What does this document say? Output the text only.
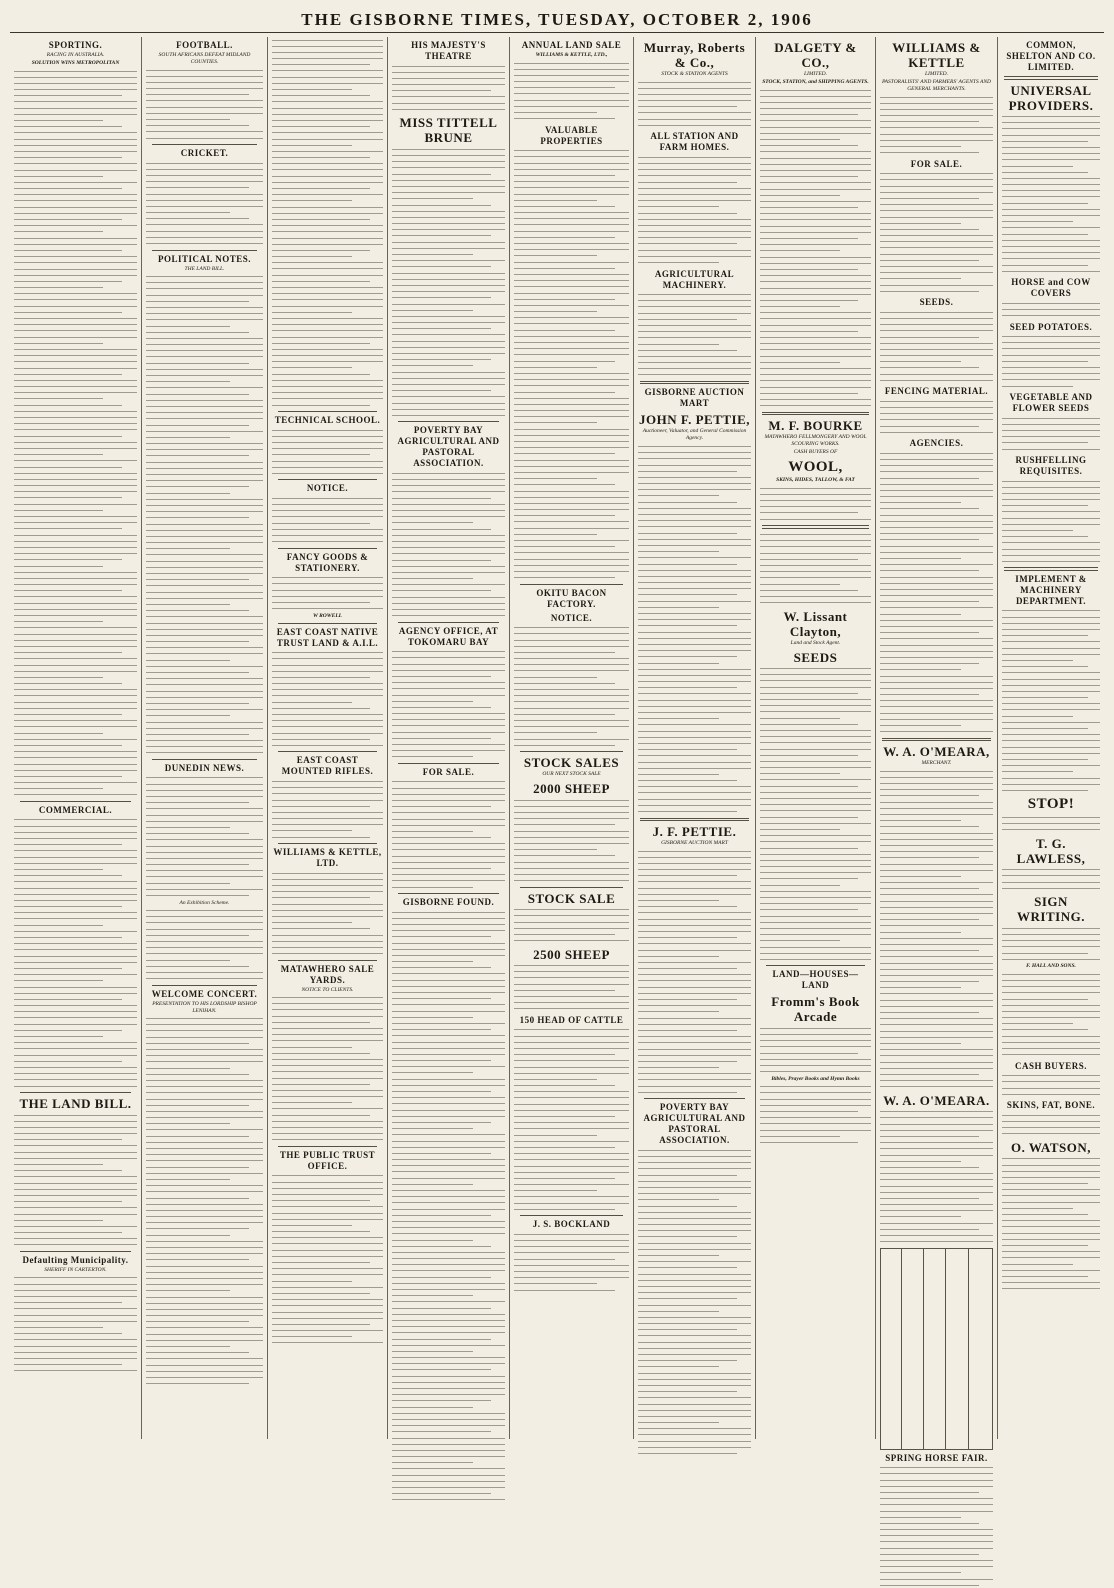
THE GISBORNE TIMES, TUESDAY, OCTOBER 2, 1906
SPORTING.
RACING IN AUSTRALIA.
SOLUTION WINS METROPOLITAN
COMMERCIAL.
THE LAND BILL.
Defaulting Municipality.
SHERIFF IN CARTERTON.
FOOTBALL.
SOUTH AFRICANS DEFEAT MIDLAND COUNTIES.
CRICKET.
POLITICAL NOTES.
THE LAND BILL.
DUNEDIN NEWS.
An Exhibition Scheme.
WELCOME CONCERT.
PRESENTATION TO HIS LORDSHIP BISHOP LENIHAN.
TECHNICAL SCHOOL.
NOTICE.
FANCY GOODS & STATIONERY.
W ROWELL
EAST COAST NATIVE TRUST LAND & A.I.L.
EAST COAST MOUNTED RIFLES.
WILLIAMS & KETTLE, LTD.
MATAWHERO SALE YARDS.
NOTICE TO CLIENTS.
THE PUBLIC TRUST OFFICE.
HIS MAJESTY'S THEATRE
MISS TITTELL BRUNE
POVERTY BAY AGRICULTURAL AND PASTORAL ASSOCIATION.
AGENCY OFFICE, AT TOKOMARU BAY
FOR SALE.
GISBORNE FOUND.
ANNUAL LAND SALE
WILLIAMS & KETTLE, LTD.,
VALUABLE PROPERTIES
OKITU BACON FACTORY.
NOTICE.
STOCK SALES
OUR NEXT STOCK SALE
2000 SHEEP
STOCK SALE
2500 SHEEP
150 HEAD OF CATTLE
J. S. BOCKLAND
Murray, Roberts & Co.,
STOCK & STATION AGENTS
ALL STATION AND FARM HOMES.
AGRICULTURAL MACHINERY.
GISBORNE AUCTION MART
JOHN F. PETTIE,
Auctioneer, Valuator, and General Commission Agency.
J. F. PETTIE.
GISBORNE AUCTION MART
POVERTY BAY AGRICULTURAL AND PASTORAL ASSOCIATION.
DALGETY & CO.,
LIMITED.
STOCK, STATION, and SHIPPING AGENTS.
M. F. BOURKE
MATAWHERO FELLMONGERY AND WOOL SCOURING WORKS.
CASH BUYERS OF
WOOL,
SKINS, HIDES, TALLOW, & FAT
W. Lissant Clayton,
Land and Stock Agent.
SEEDS
LAND—HOUSES—LAND
Fromm's Book Arcade
Bibles, Prayer Books and Hymn Books
WILLIAMS & KETTLE
LIMITED.
PASTORALISTS' AND FARMERS' AGENTS AND GENERAL MERCHANTS.
FOR SALE.
SEEDS.
FENCING MATERIAL.
AGENCIES.
W. A. O'MEARA,
MERCHANT.
W. A. O'MEARA.
SPRING HORSE FAIR.
COMMON, SHELTON AND CO. LIMITED.
UNIVERSAL PROVIDERS.
HORSE and COW COVERS
SEED POTATOES.
VEGETABLE AND FLOWER SEEDS
RUSHFELLING REQUISITES.
IMPLEMENT & MACHINERY DEPARTMENT.
STOP!
T. G. LAWLESS,
SIGN WRITING.
F. HALL AND SONS.
CASH BUYERS.
SKINS, FAT, BONE.
O. WATSON,
